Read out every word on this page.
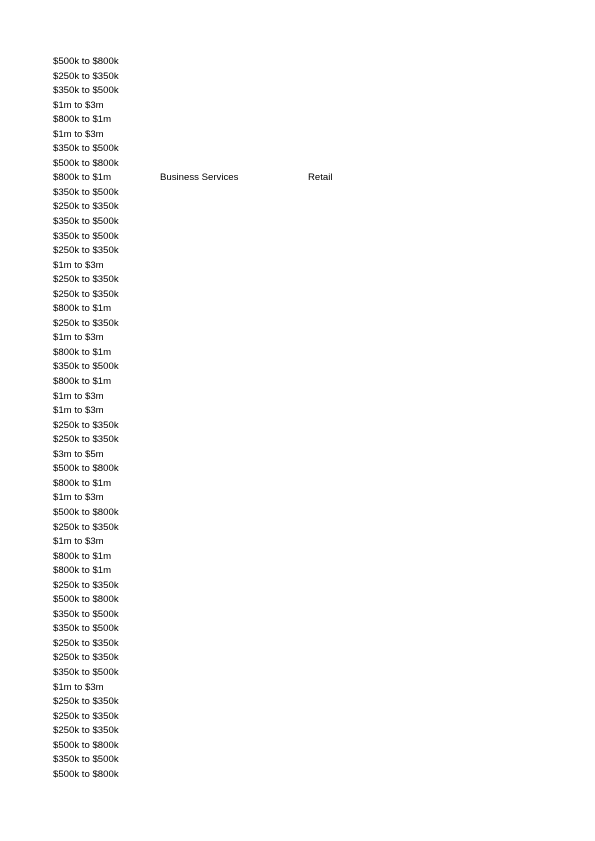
$500k to $800k
$250k to $350k
$350k to $500k
$1m to $3m
$800k to $1m
$1m to $3m
$350k to $500k
$500k to $800k
$800k to $1m	Business Services	Retail
$350k to $500k
$250k to $350k
$350k to $500k
$350k to $500k
$250k to $350k
$1m to $3m
$250k to $350k
$250k to $350k
$800k to $1m
$250k to $350k
$1m to $3m
$800k to $1m
$350k to $500k
$800k to $1m
$1m to $3m
$1m to $3m
$250k to $350k
$250k to $350k
$3m to $5m
$500k to $800k
$800k to $1m
$1m to $3m
$500k to $800k
$250k to $350k
$1m to $3m
$800k to $1m
$800k to $1m
$250k to $350k
$500k to $800k
$350k to $500k
$350k to $500k
$250k to $350k
$250k to $350k
$350k to $500k
$1m to $3m
$250k to $350k
$250k to $350k
$250k to $350k
$500k to $800k
$350k to $500k
$500k to $800k
